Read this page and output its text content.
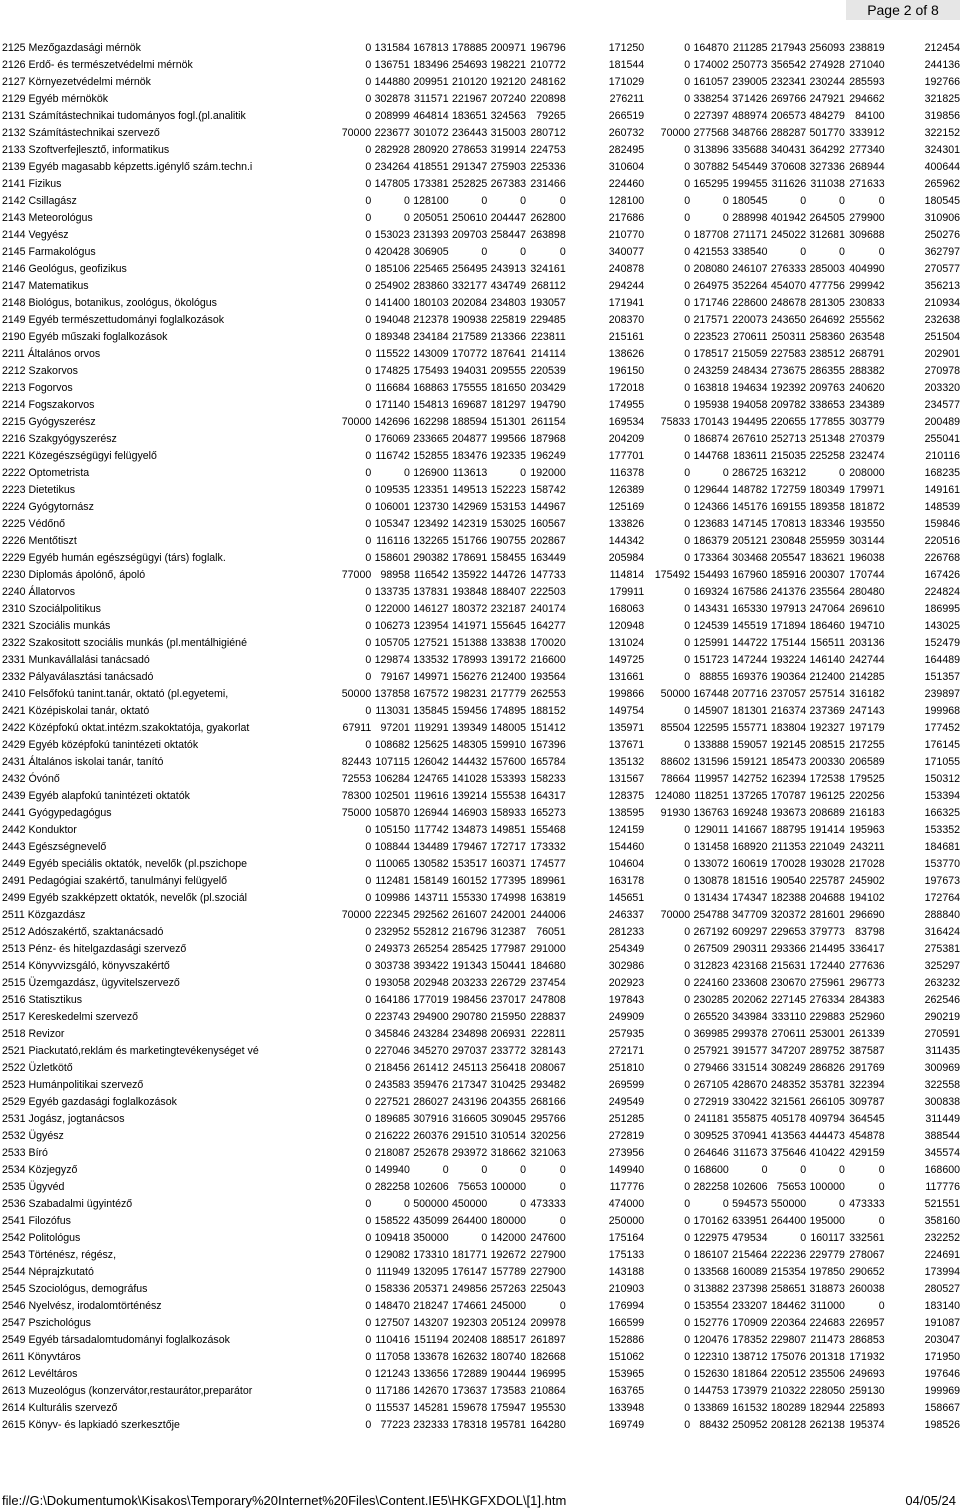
Page 2 of 8
2125 Mezőgazdasági mérnök	0	131584	167813	178885	200971	196796	171250	0	164870	211285	217943	256093	238819	212454
2126 Erdő- és természetvédelmi mérnök	0	136751	183496	254693	198221	210772	181544	0	174002	250773	356542	274928	271040	244136
2127 Környezetvédelmi mérnök	0	144880	209951	210120	192120	248162	171029	0	161057	239005	232341	230244	285593	192766
2129 Egyéb mérnökök	0	302878	311571	221967	207240	220898	276211	0	338254	371426	269766	247921	294662	321825
2131 Számítástechnikai tudományos fogl.(pl.analitik	0	208999	464814	183651	324563	79265	266519	0	227397	488974	206573	484279	84100	319856
2132 Számítástechnikai szervező	70000	223677	301072	236443	315003	280712	260732	70000	277568	348766	288287	501770	333912	322152
2133 Szoftverfejlesztő, informatikus	0	282928	280920	278653	319914	224753	282495	0	313896	335688	340431	364292	277340	324301
2139 Egyéb magasabb képzetts.igénylő szám.techn.i	0	234264	418551	291347	275903	225336	310604	0	307882	545449	370608	327336	268944	400644
2141 Fizikus	0	147805	173381	252825	267383	231466	224460	0	165295	199455	311626	311038	271633	265962
2142 Csillagász	0	0	128100	0	0	0	128100	0	0	180545	0	0	0	180545
2143 Meteorológus	0	0	205051	250610	204447	262800	217686	0	0	288998	401942	264505	279900	310906
2144 Vegyész	0	153023	231393	209703	258447	263898	210770	0	187708	271171	245022	312681	309688	250276
2145 Farmakológus	0	420428	306905	0	0	0	340077	0	421553	338540	0	0	0	362797
2146 Geológus, geofizikus	0	185106	225465	256495	243913	324161	240878	0	208080	246107	276333	285003	404990	270577
2147 Matematikus	0	254902	283860	332177	434749	268112	294244	0	264975	352264	454070	477756	299942	356213
2148 Biológus, botanikus, zoológus, ökológus	0	141400	180103	202084	234803	193057	171941	0	171746	228600	248678	281305	230833	210934
2149 Egyéb természettudományi foglalkozások	0	194048	212378	190938	225819	229485	208370	0	217571	220073	243650	264692	255562	232638
2190 Egyéb műszaki foglalkozások	0	189348	234184	217589	213366	223811	215161	0	223523	270611	250311	258360	263548	251504
2211 Általános orvos	0	115522	143009	170772	187641	214114	138626	0	178517	215059	227583	238512	268791	202901
2212 Szakorvos	0	174825	175493	194031	209555	220539	196150	0	243259	248434	273675	286355	288382	270978
2213 Fogorvos	0	116684	168863	175555	181650	203429	172018	0	163818	194634	192392	209763	240620	203320
2214 Fogszakorvos	0	171140	154813	169687	181297	194790	174955	0	195938	194058	209782	338653	234389	234577
2215 Gyógyszerész	70000	142696	162298	188594	151301	261154	169534	75833	170143	194495	220655	177855	303779	200489
2216 Szakgyógyszerész	0	176069	233665	204877	199566	187968	204209	0	186874	267610	252713	251348	270379	255041
2221 Közegészségügyi felügyelő	0	116742	152855	183476	192335	196249	177701	0	144768	183611	215035	225258	232474	210116
2222 Optometrista	0	0	126900	113613	0	192000	116378	0	0	286725	163212	0	208000	168235
2223 Dietetikus	0	109535	123351	149513	152223	158742	126389	0	129644	148782	172759	180349	179971	149161
2224 Gyógytornász	0	106001	123730	142969	153153	144967	125169	0	124366	145176	169155	189358	181872	148539
2225 Védőnő	0	105347	123492	142319	153025	160567	133826	0	123683	147145	170813	183346	193550	159846
2226 Mentőtiszt	0	116116	132265	151766	190755	202867	144342	0	186379	205121	230848	255959	303144	220516
2229 Egyéb humán egészségügyi (társ) foglalk.	0	158601	290382	178691	158455	163449	205984	0	173364	303468	205547	183621	196038	226768
2230 Diplomás ápolónő, ápoló	77000	98958	116542	135922	144726	147733	114814	175492	154493	167960	185916	200307	170744	167426
2240 Állatorvos	0	133735	137831	193848	188407	222503	179911	0	169324	167586	241376	235564	280480	224824
2310 Szociálpolitikus	0	122000	146127	180372	232187	240174	168063	0	143431	165330	197913	247064	269610	186995
2321 Szociális munkás	0	106273	123954	141971	155645	164277	120948	0	124539	145519	171894	186460	194710	143025
2322 Szakositott szociális munkás (pl.mentálhigiéné	0	105705	127521	151388	133838	170020	131024	0	125991	144722	175144	156511	203136	152479
2331 Munkaváll​alási tanácsadó	0	129874	133532	178993	139172	216600	149725	0	151723	147244	193224	146140	242744	164489
2332 Pályaválasztási tanácsadó	0	79167	149971	156276	212400	193564	131661	0	88855	169376	190364	212400	214285	151357
2410 Felsőfokú tanint.tanár, oktató (pl.egyetemi,	50000	137858	167572	198231	217779	262553	199866	50000	167448	207716	237057	257514	316182	239897
2421 Középiskolai tanár, oktató	0	113031	135845	159456	174895	188152	149754	0	145907	181301	216374	237369	247143	199968
2422 Középfokú oktat.intézm.szakoktatója, gyakorlat	67911	97201	119291	139349	148005	151412	135971	85504	122595	155771	183804	192327	197179	177452
2429 Egyéb középfokú tanintézeti oktatók	0	108682	125625	148305	159910	167396	137671	0	133888	159057	192145	208515	217255	176145
2431 Általános iskolai tanár, tanító	82443	107115	126042	144432	157600	165784	135132	88602	131596	159121	185473	200330	206589	171055
2432 Óvónő	72553	106284	124765	141028	153393	158233	131567	78664	119957	142752	162394	172538	179525	150312
2439 Egyéb alapfokú tanintézeti oktatók	78300	102501	119616	139214	155538	164317	128375	124080	118251	137265	170787	196125	220256	153394
2441 Gyógypedagógus	75000	105870	126944	146903	158933	165273	138595	91930	136763	169248	193673	208689	216183	166325
2442 Konduktor	0	105150	117742	134873	149851	155468	124159	0	129011	141667	188795	191414	195963	153352
2443 Egészségnevelő	0	108844	134489	179467	172717	173332	154460	0	131458	168920	211353	221049	243211	184681
2449 Egyéb speciális oktatók, nevelők (pl.pszichope	0	110065	130582	153517	160371	174577	104604	0	133072	160619	170028	193028	217028	153770
2491 Pedagógiai szakértő, tanulmányi felügyelő	0	112481	158149	160152	177395	189961	163178	0	130878	181516	190540	225787	245902	197673
2499 Egyéb szakképzett oktatók, nevelők (pl.szociál	0	109986	143711	155330	174998	163819	145651	0	131434	174347	182388	204688	194102	172764
2511 Közgazdász	70000	222345	292562	261607	242001	244006	246337	70000	254788	347709	320372	281601	296690	288840
2512 Adószakértő, szaktanácsadó	0	232952	552812	216796	312387	76051	281233	0	267192	609297	229653	379773	83798	316424
2513 Pénz- és hitelgazdasági szervező	0	249373	265254	285425	177987	291000	254349	0	267509	290311	293366	214495	336417	275381
2514 Könyvvizsgáló, könyvszakértő	0	303738	393422	191343	150441	184680	302986	0	312823	423168	215631	172440	277636	325297
2515 Üzemgazdász, ügyvitelszervező	0	193058	202948	203233	226729	237454	202923	0	224160	233608	230670	275961	296773	263232
2516 Statisztikus	0	164186	177019	198456	237017	247808	197843	0	230285	202062	227145	276334	284383	262546
2517 Kereskedelmi szervező	0	223743	294900	290780	215950	228837	249909	0	265520	343984	333110	229883	252960	290219
2518 Revizor	0	345846	243284	234898	206931	222811	257935	0	369985	299378	270611	253001	261339	270591
2521 Piackutató,reklám és marketingtevékenységet vé	0	227046	345270	297037	233772	328143	272171	0	257921	391577	347207	289752	387587	311435
2522 Üzletkötő	0	218456	261412	245113	256418	208067	251810	0	279466	331514	308249	286826	291769	300969
2523 Humánpolitikai szervező	0	243583	359476	217347	310425	293482	269599	0	267105	428670	248352	353781	322394	322558
2529 Egyéb gazdasági foglalkozások	0	227521	286027	243196	204355	268166	249549	0	272919	330422	321561	266105	309787	300838
2531 Jogász, jogtanácsos	0	189685	307916	316605	309045	295766	251285	0	241181	355875	405178	409794	364545	311449
2532 Ügyész	0	216222	260376	291510	310514	320256	272819	0	309525	370941	413563	444473	454878	388544
2533 Bíró	0	218087	252678	293972	318662	321063	273956	0	264646	311673	375646	410422	429159	345574
2534 Közjegyző	0	149940	0	0	0	0	149940	0	168600	0	0	0	0	168600
2535 Ügyvéd	0	282258	102606	75653	100000	0	117776	0	282258	102606	75653	100000	0	117776
2536 Szabadalmi ügyintéző	0	0	500000	450000	0	473333	474000	0	0	594573	550000	0	473333	521551
2541 Filozófus	0	158522	435099	264400	180000	0	250000	0	170162	633951	264400	195000	0	358160
2542 Politológus	0	109418	350000	0	142000	247600	175164	0	122975	479534	0	160117	332561	232252
2543 Történész, régész,	0	129082	173310	181771	192672	227900	175133	0	186107	215464	222236	229779	278067	224691
2544 Néprajzkutató	0	111949	132095	176147	157789	227900	143188	0	133568	160089	215354	197850	290652	173994
2545 Szociológus, demográfus	0	158336	205371	249856	257263	225043	210903	0	313882	237398	258651	318873	260038	280527
2546 Nyelvész, irodalomtörténész	0	148470	218247	174661	245000	0	176994	0	153554	233207	184462	311000	0	183140
2547 Pszichológus	0	127507	143207	192303	205124	209978	166599	0	152776	170909	220364	224683	226957	191087
2549 Egyéb társadalomtudományi foglalkozások	0	110416	151194	202408	188517	261897	152886	0	120476	178352	229807	211473	286853	203047
2611 Könyvtáros	0	117058	133678	162632	180740	182668	151062	0	122310	138712	175076	201318	171932	171950
2612 Levéltáros	0	121243	133656	172889	190444	196995	153965	0	152630	181864	220512	235506	249693	197646
2613 Muzeológus (konzervátor,restaurátor,preparátor	0	117186	142670	173637	173583	210864	163765	0	144753	173979	210322	228050	259130	199969
2614 Kulturális szervező	0	115537	145281	159678	175947	195530	133948	0	133869	161532	180289	182944	225893	158667
2615 Könyv- és lapkiadó szerkesztője	0	77223	232333	178318	195781	164280	169749	0	88432	250952	208128	262138	195374	198526
file://G:\Dokumentumok\Kisakos\Temporary%20Internet%20Files\Content.IE5\HKGFXDOL\[1].htm	04/05/24
